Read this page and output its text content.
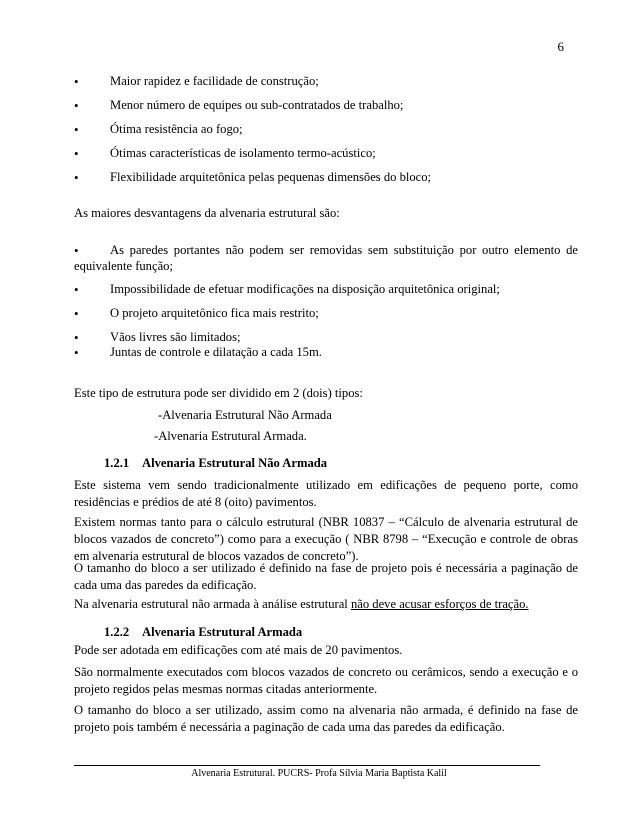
6
• Maior rapidez e facilidade de construção;
• Menor número de equipes ou sub-contratados de trabalho;
• Ótima resistência ao fogo;
• Ótimas características de isolamento termo-acústico;
• Flexibilidade arquitetônica pelas pequenas dimensões do bloco;
As maiores desvantagens da alvenaria estrutural são:
• As paredes portantes não podem ser removidas sem substituição por outro elemento de
equivalente função;
• Impossibilidade de efetuar modificações na disposição arquitetônica original;
• O projeto arquitetônico fica mais restrito;
• Vãos livres são limitados;
• Juntas de controle e dilatação a cada 15m.
Este tipo de estrutura pode ser dividido em 2 (dois) tipos:
-Alvenaria Estrutural Não Armada
-Alvenaria Estrutural Armada.
1.2.1 Alvenaria Estrutural Não Armada
Este sistema vem sendo tradicionalmente utilizado em edificações de pequeno porte, como residências e prédios de até 8 (oito) pavimentos.
Existem normas tanto para o cálculo estrutural (NBR 10837 – “Cálculo de alvenaria estrutural de blocos vazados de concreto”) como para a execução ( NBR 8798 – “Execução e controle de obras em alvenaria estrutural de blocos vazados de concreto”).
O tamanho do bloco a ser utilizado é definido na fase de projeto pois é necessária a paginação de cada uma das paredes da edificação.
Na alvenaria estrutural não armada à análise estrutural não deve acusar esforços de tração.
1.2.2 Alvenaria Estrutural Armada
Pode ser adotada em edificações com até mais de 20 pavimentos.
São normalmente executados com blocos vazados de concreto ou cerâmicos, sendo a execução e o projeto regidos pelas mesmas normas citadas anteriormente.
O tamanho do bloco a ser utilizado, assim como na alvenaria não armada, é definido na fase de projeto pois também é necessária a paginação de cada uma das paredes da edificação.
Alvenaria Estrutural. PUCRS- Profa Sílvia Maria Baptista Kalil
